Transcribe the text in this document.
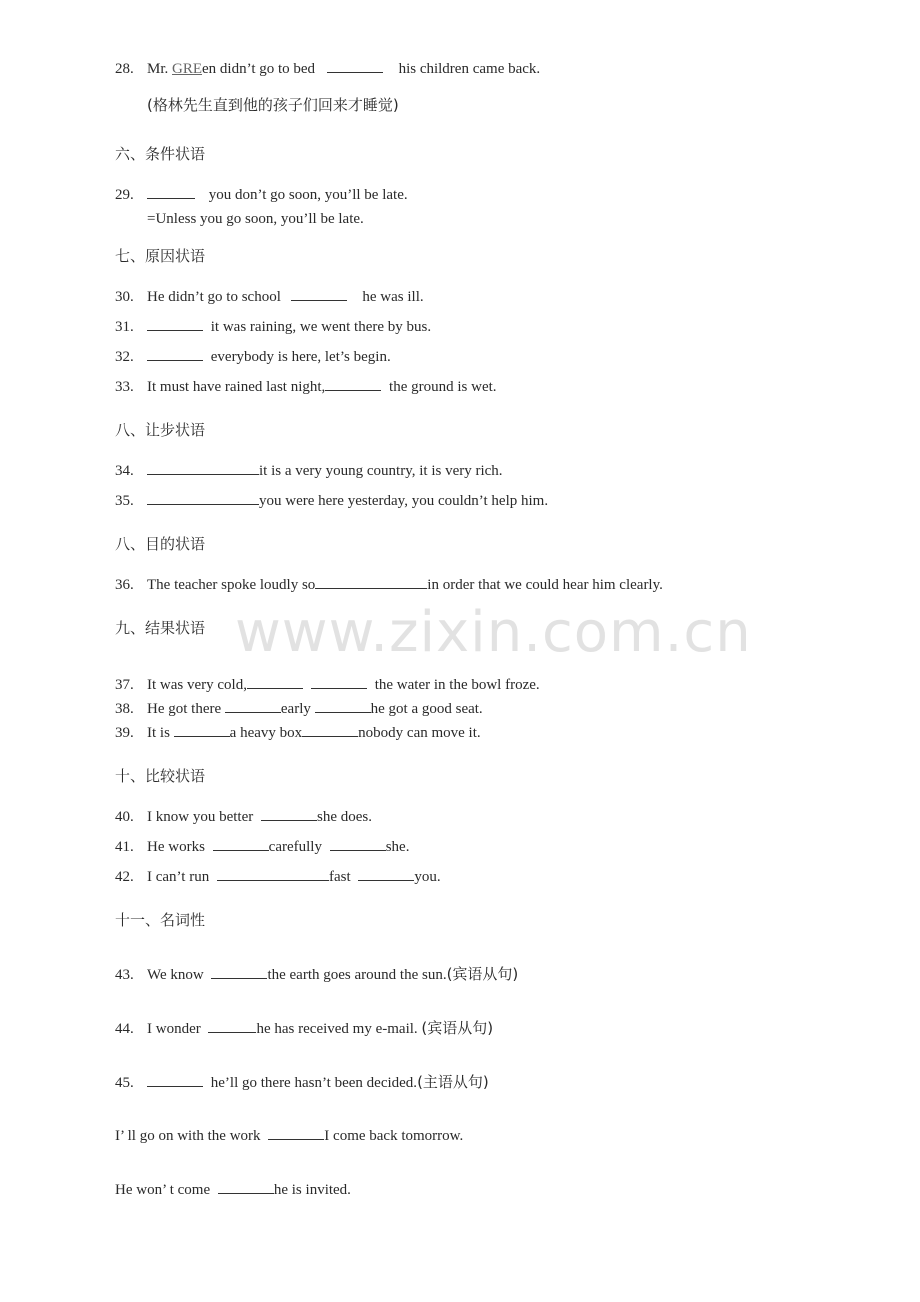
www.zixin.com.cn
28. Mr. GREen didn’t go to bed	his children came back.
(格林先生直到他的孩子们回来才睡觉)
六、条件状语
29.	you don’t go soon, you’ll be late.
=Unless you go soon, you’ll be late.
七、原因状语
30. He didn’t go to school	he was ill.
31.	it was raining, we went there by bus.
32.	everybody is here, let’s begin.
33. It must have rained last night,	the ground is wet.
八、让步状语
34.	it is a very young country, it is very rich.
35.	you were here yesterday, you couldn’t help him.
八、目的状语
36. The teacher spoke loudly so	in order that we could hear him clearly.
九、结果状语
37. It was very cold,	the water in the bowl froze.
38. He got there	early	he got a good seat.
39. It is	a heavy box	nobody can move it.
十、比较状语
40. I know you better	she does.
41. He works	carefully	she.
42. I can’t run	fast	you.
十一、名词性
43. We know	the earth goes around the sun.(宾语从句)
44. I wonder	he has received my e-mail. (宾语从句)
45.	he’ll go there hasn’t been decided.(主语从句)
I’ ll go on with the work	I come back tomorrow.
He won’ t come	he is invited.
